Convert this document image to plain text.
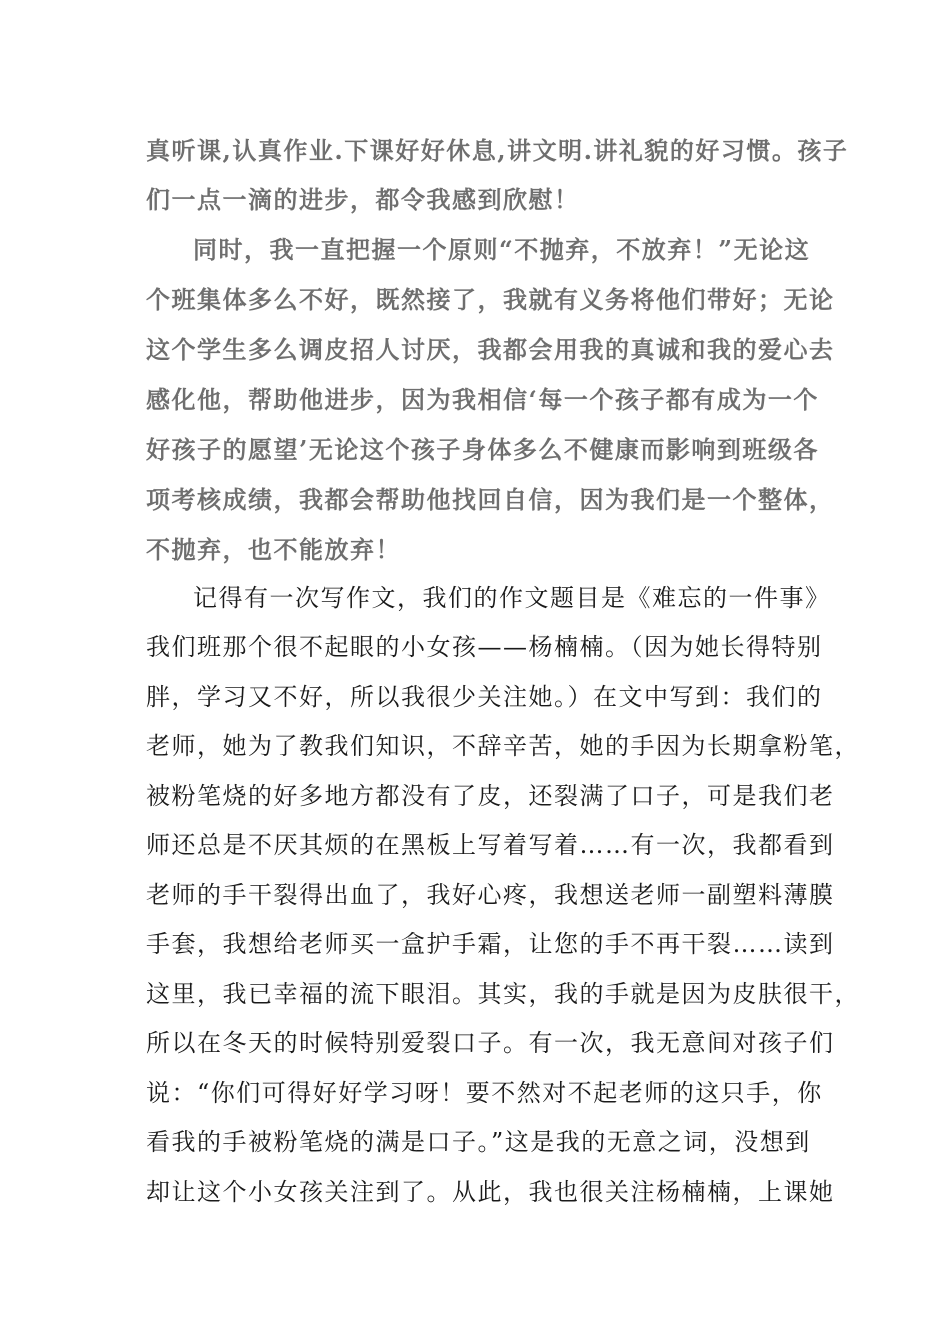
真听课,认真作业.下课好好休息,讲文明.讲礼貌的好习惯。孩子
们一点一滴的进步，都令我感到欣慰！
同时，我一直把握一个原则“不抛弃，不放弃！”无论这
个班集体多么不好，既然接了，我就有义务将他们带好；无论
这个学生多么调皮招人讨厌，我都会用我的真诚和我的爱心去
感化他，帮助他进步，因为我相信‘每一个孩子都有成为一个
好孩子的愿望’无论这个孩子身体多么不健康而影响到班级各
项考核成绩，我都会帮助他找回自信，因为我们是一个整体，
不抛弃，也不能放弃！
记得有一次写作文，我们的作文题目是《难忘的一件事》
我们班那个很不起眼的小女孩——杨楠楠。（因为她长得特别
胖，学习又不好，所以我很少关注她。）在文中写到：我们的
老师，她为了教我们知识，不辞辛苦，她的手因为长期拿粉笔，
被粉笔烧的好多地方都没有了皮，还裂满了口子，可是我们老
师还总是不厌其烦的在黑板上写着写着……有一次，我都看到
老师的手干裂得出血了，我好心疼，我想送老师一副塑料薄膜
手套，我想给老师买一盒护手霜，让您的手不再干裂……读到
这里，我已幸福的流下眼泪。其实，我的手就是因为皮肤很干，
所以在冬天的时候特别爱裂口子。有一次，我无意间对孩子们
说：“你们可得好好学习呀！要不然对不起老师的这只手，你
看我的手被粉笔烧的满是口子。”这是我的无意之词，没想到
却让这个小女孩关注到了。从此，我也很关注杨楠楠，上课她
